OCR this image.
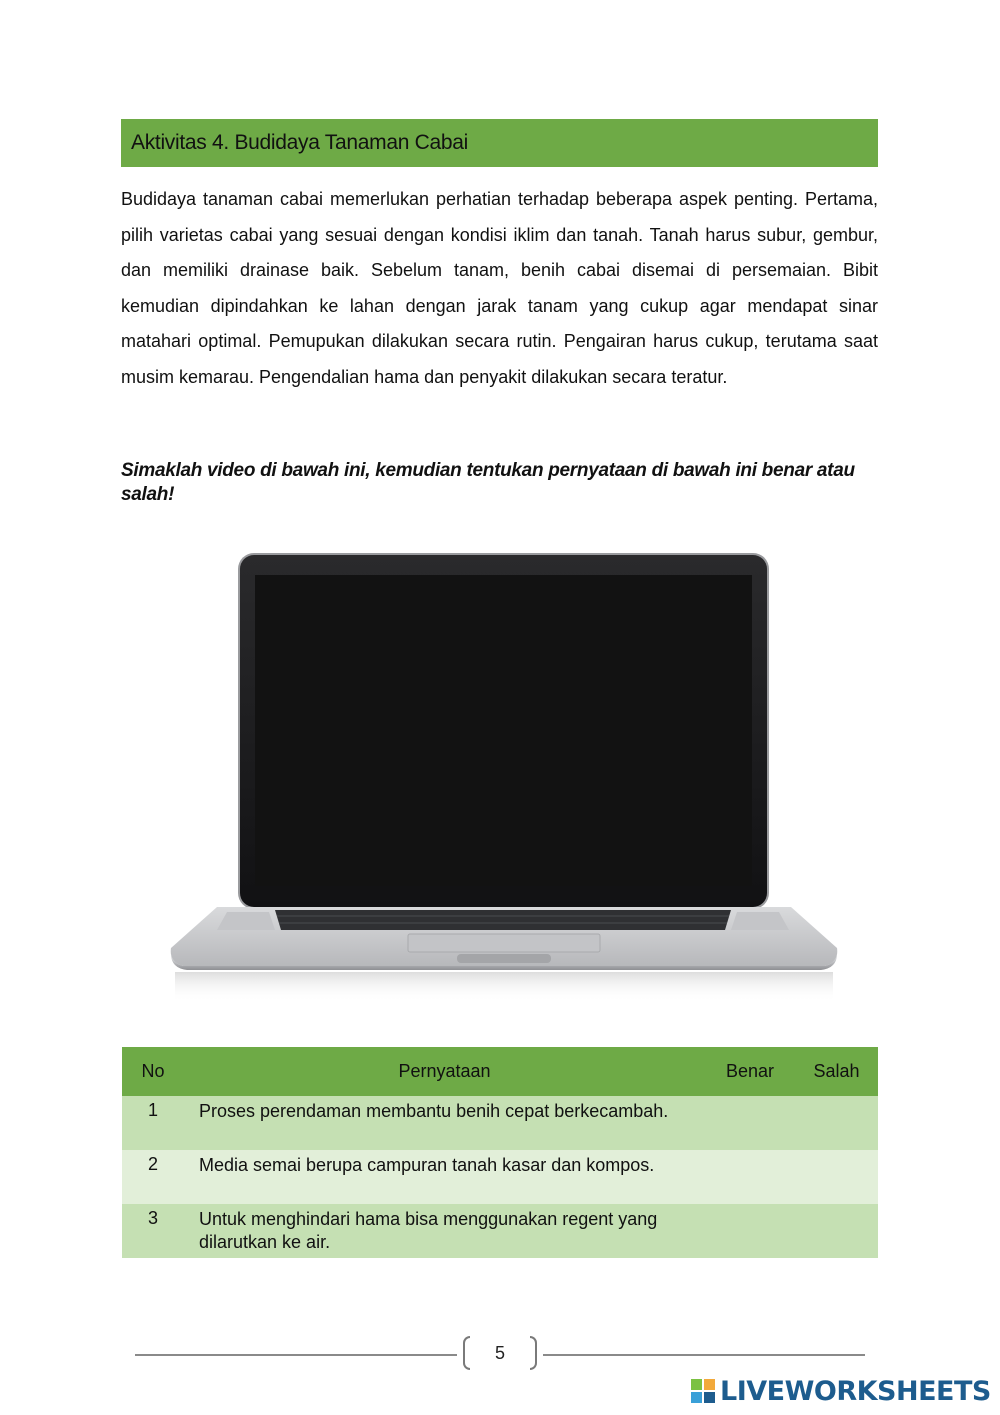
Aktivitas 4. Budidaya Tanaman Cabai
Budidaya tanaman cabai memerlukan perhatian terhadap beberapa aspek penting. Pertama, pilih varietas cabai yang sesuai dengan kondisi iklim dan tanah. Tanah harus subur, gembur, dan memiliki drainase baik. Sebelum tanam, benih cabai disemai di persemaian. Bibit kemudian dipindahkan ke lahan dengan jarak tanam yang cukup agar mendapat sinar matahari optimal. Pemupukan dilakukan secara rutin. Pengairan harus cukup, terutama saat musim kemarau. Pengendalian hama dan penyakit dilakukan secara teratur.
Simaklah video di bawah ini, kemudian tentukan pernyataan di bawah ini benar atau salah!
No	Pernyataan	Benar	Salah
1	Proses perendaman membantu benih cepat berkecambah.		
2	Media semai berupa campuran tanah kasar dan kompos.		
3	Untuk menghindari hama bisa menggunakan regent yang dilarutkan ke air.		
5
LIVEWORKSHEETS
